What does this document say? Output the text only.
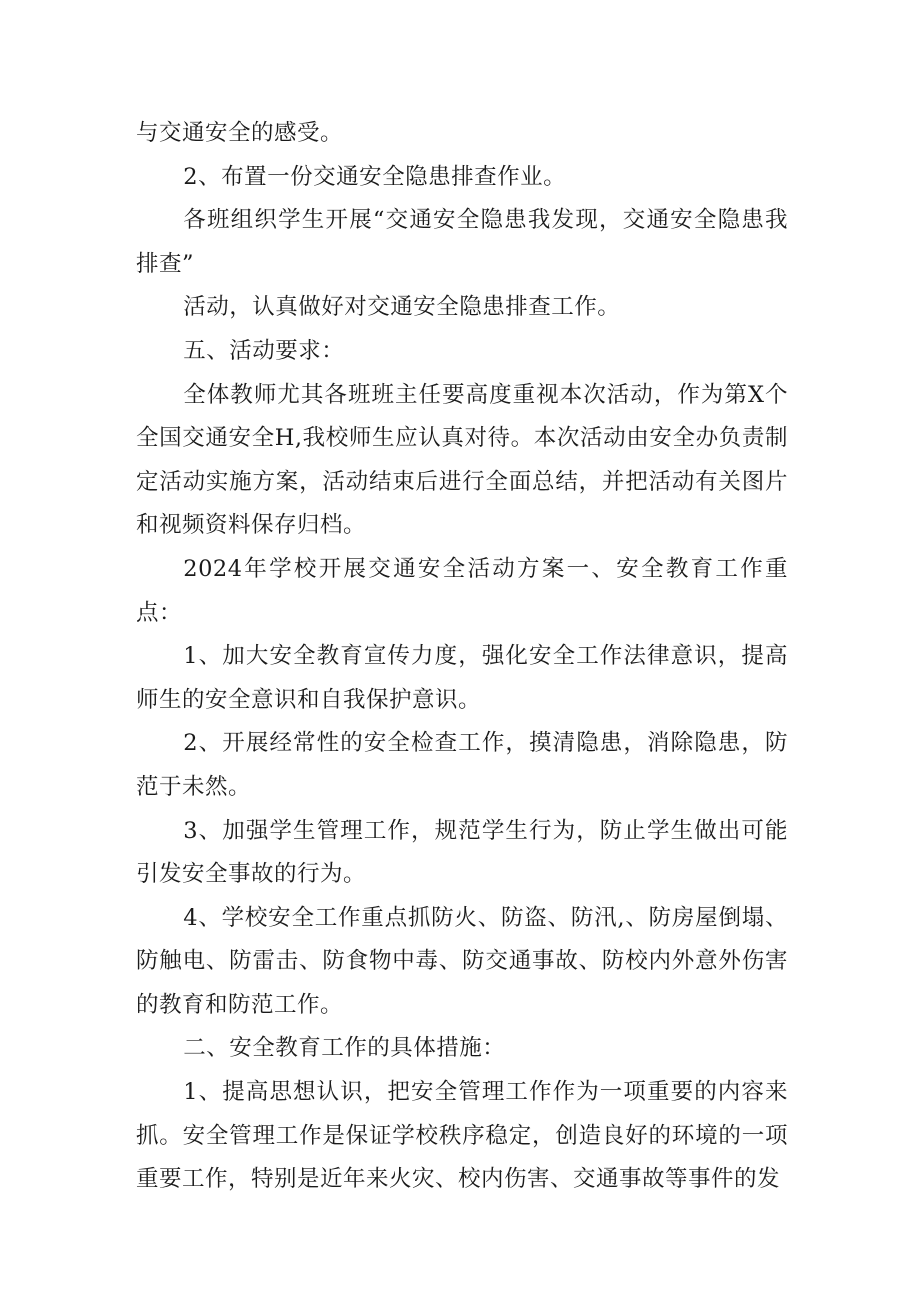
与交通安全的感受。

2、布置一份交通安全隐患排查作业。

各班组织学生开展“交通安全隐患我发现，交通安全隐患我排查”

活动，认真做好对交通安全隐患排查工作。

五、活动要求：

全体教师尤其各班班主任要高度重视本次活动，作为第X个全国交通安全H,我校师生应认真对待。本次活动由安全办负责制定活动实施方案，活动结束后进行全面总结，并把活动有关图片和视频资料保存归档。

2024年学校开展交通安全活动方案一、安全教育工作重点：

1、加大安全教育宣传力度，强化安全工作法律意识，提高师生的安全意识和自我保护意识。

2、开展经常性的安全检查工作，摸清隐患，消除隐患，防范于未然。

3、加强学生管理工作，规范学生行为，防止学生做出可能引发安全事故的行为。

4、学校安全工作重点抓防火、防盗、防汛,、防房屋倒塌、防触电、防雷击、防食物中毒、防交通事故、防校内外意外伤害的教育和防范工作。

二、安全教育工作的具体措施：

1、提高思想认识，把安全管理工作作为一项重要的内容来抓。安全管理工作是保证学校秩序稳定，创造良好的环境的一项重要工作，特别是近年来火灾、校内伤害、交通事故等事件的发
